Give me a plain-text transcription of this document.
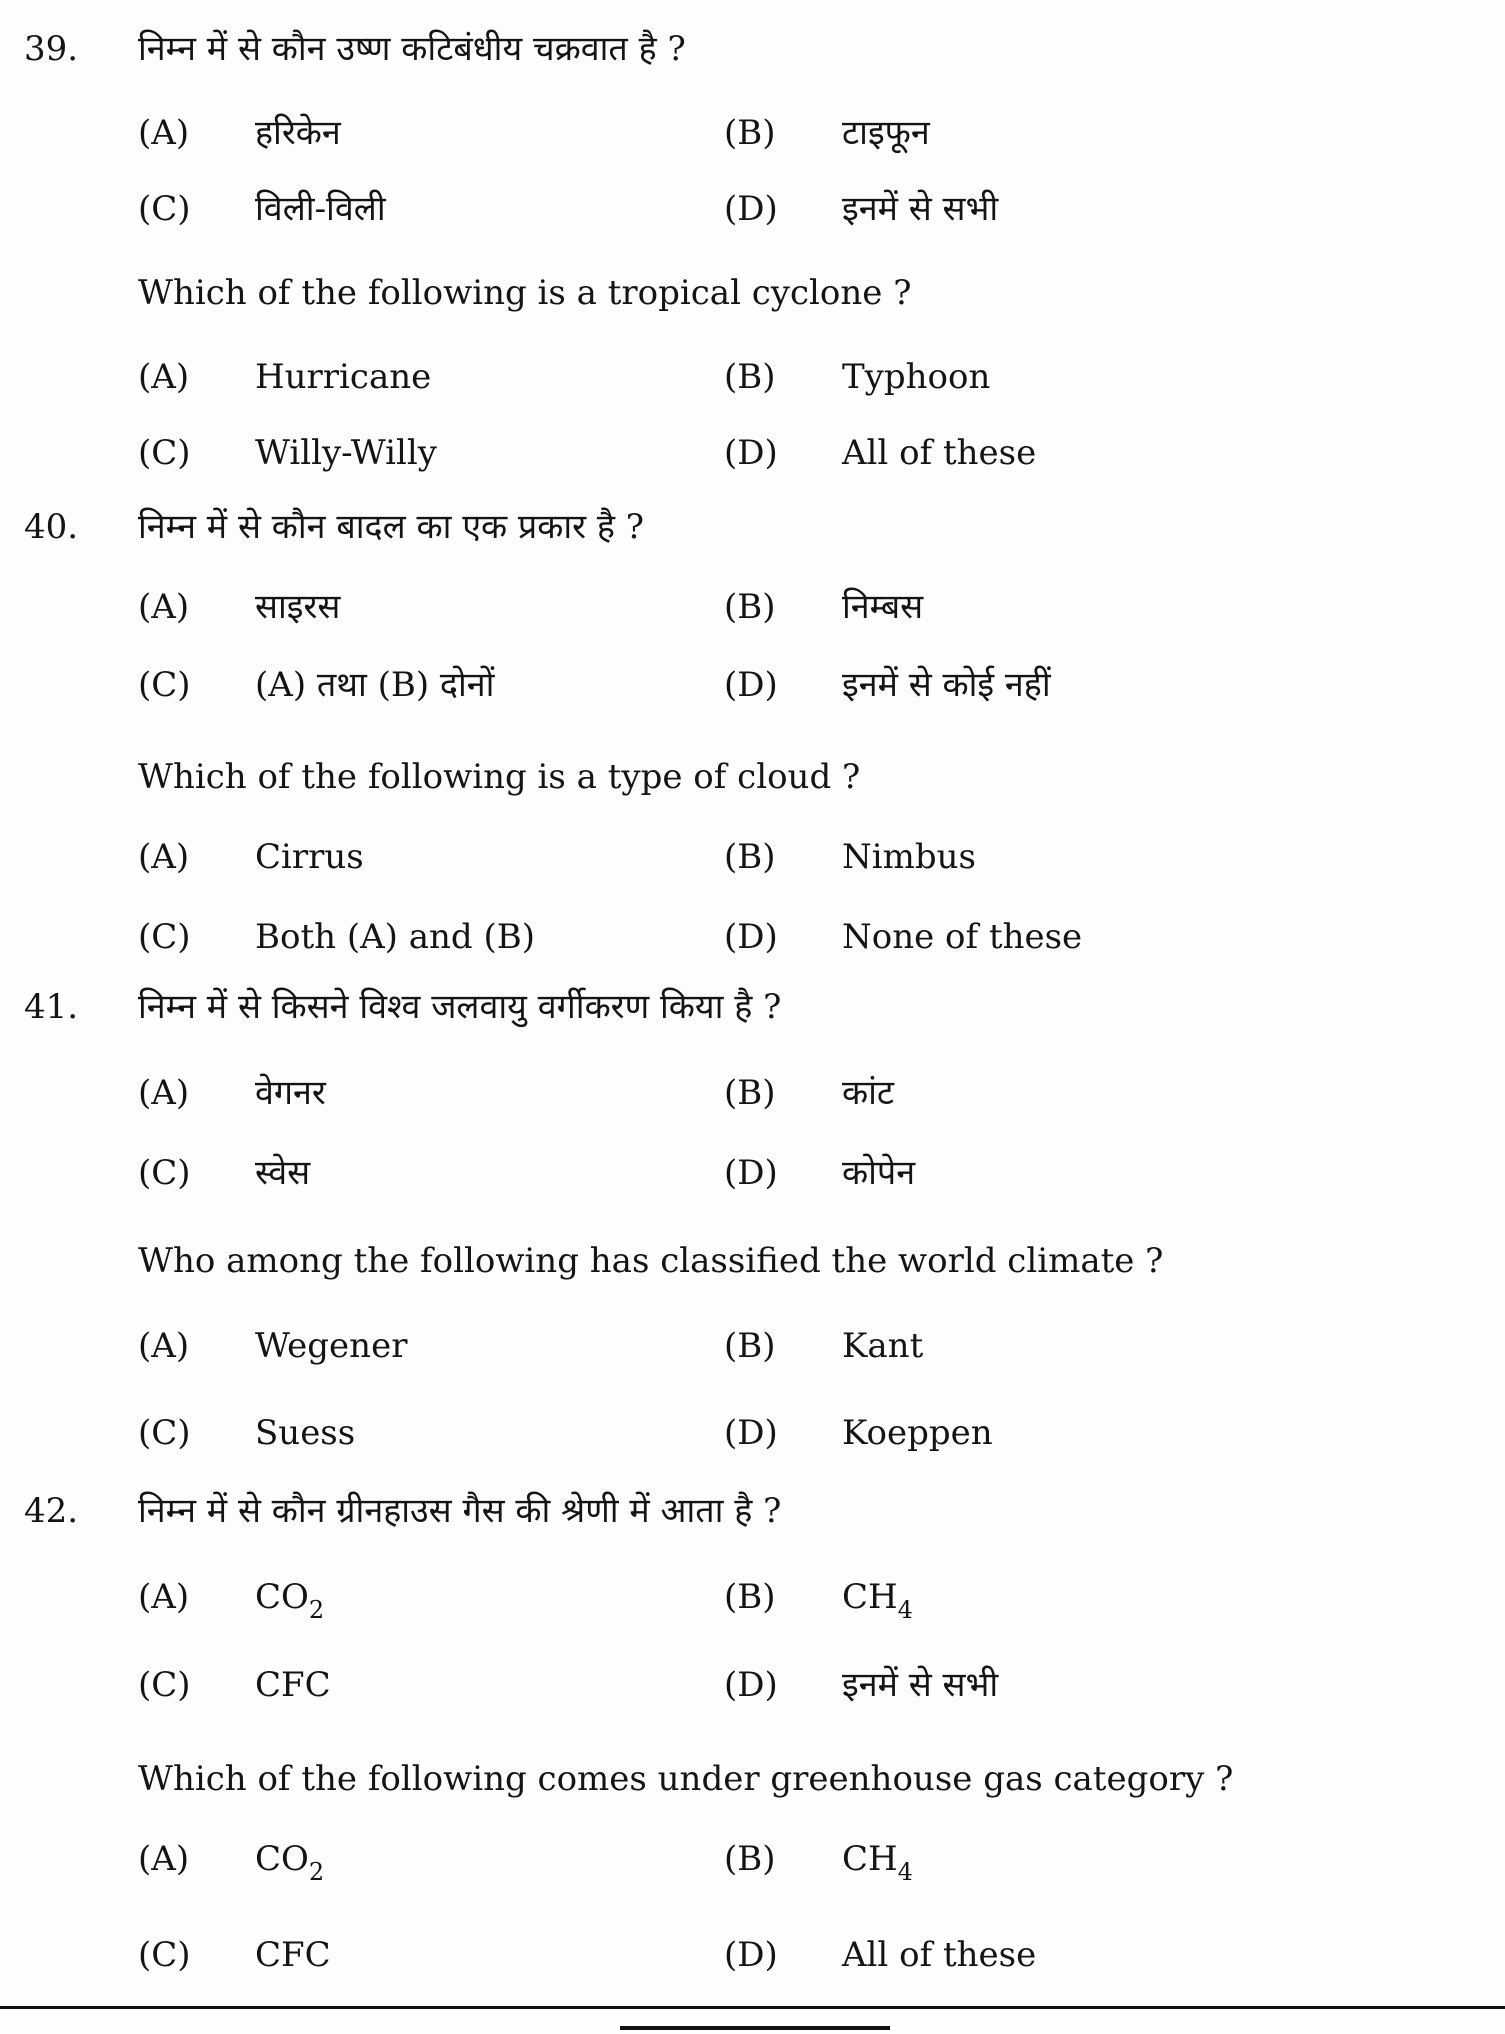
39. निम्न में से कौन उष्ण कटिबंधीय चक्रवात है ?
(A) हरिकेन	(B) टाइफून
(C) विली-विली	(D) इनमें से सभी
Which of the following is a tropical cyclone ?
(A) Hurricane	(B) Typhoon
(C) Willy-Willy	(D) All of these
40. निम्न में से कौन बादल का एक प्रकार है ?
(A) साइरस	(B) निम्बस
(C) (A) तथा (B) दोनों	(D) इनमें से कोई नहीं
Which of the following is a type of cloud ?
(A) Cirrus	(B) Nimbus
(C) Both (A) and (B)	(D) None of these
41. निम्न में से किसने विश्व जलवायु वर्गीकरण किया है ?
(A) वेगनर	(B) कांट
(C) स्वेस	(D) कोपेन
Who among the following has classified the world climate ?
(A) Wegener	(B) Kant
(C) Suess	(D) Koeppen
42. निम्न में से कौन ग्रीनहाउस गैस की श्रेणी में आता है ?
(A) $CO_2$	(B) $CH_4$
(C) CFC	(D) इनमें से सभी
Which of the following comes under greenhouse gas category ?
(A) $CO_2$	(B) $CH_4$
(C) CFC	(D) All of these
